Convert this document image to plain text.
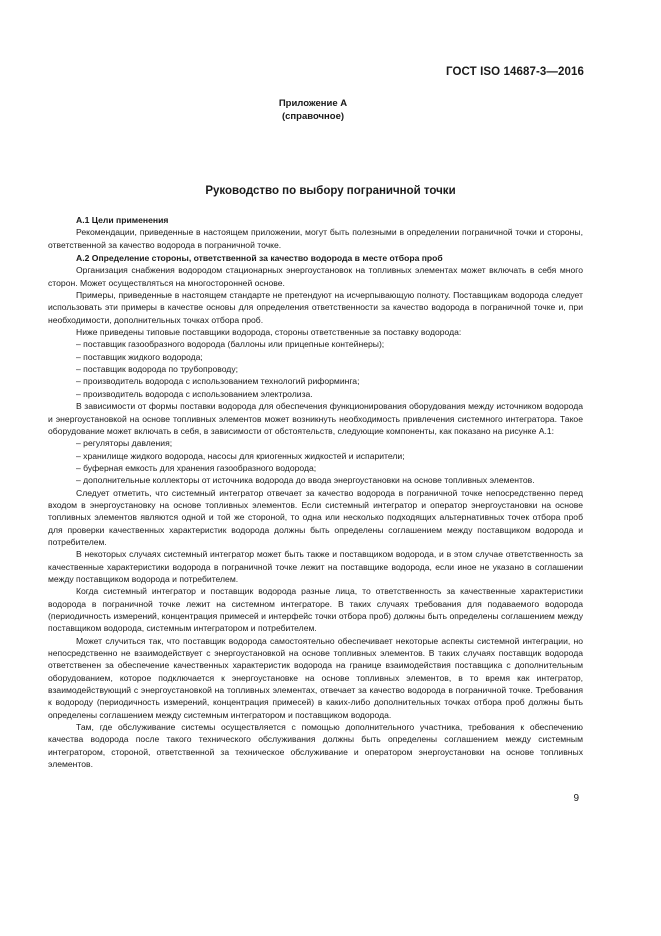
ГОСТ ISO 14687-3—2016
Приложение А
(справочное)
Руководство по выбору пограничной точки

А.1 Цели применения

Рекомендации, приведенные в настоящем приложении, могут быть полезными в определении пограничной точки и стороны, ответственной за качество водорода в пограничной точке.

А.2 Определение стороны, ответственной за качество водорода в месте отбора проб

Организация снабжения водородом стационарных энергоустановок на топливных элементах может включать в себя много сторон. Может осуществляться на многосторонней основе.

Примеры, приведенные в настоящем стандарте не претендуют на исчерпывающую полноту. Поставщикам водорода следует использовать эти примеры в качестве основы для определения ответственности за качество водорода в пограничной точке и, при необходимости, дополнительных точках отбора проб.

Ниже приведены типовые поставщики водорода, стороны ответственные за поставку водорода:

– поставщик газообразного водорода (баллоны или прицепные контейнеры);

– поставщик жидкого водорода;

– поставщик водорода по трубопроводу;

– производитель водорода с использованием технологий риформинга;

– производитель водорода с использованием электролиза.

В зависимости от формы поставки водорода для обеспечения функционирования оборудования между источником водорода и энергоустановкой на основе топливных элементов может возникнуть необходимость привлечения системного интегратора. Такое оборудование может включать в себя, в зависимости от обстоятельств, следующие компоненты, как показано на рисунке А.1:

– регуляторы давления;

– хранилище жидкого водорода, насосы для криогенных жидкостей и испарители;

– буферная емкость для хранения газообразного водорода;

– дополнительные коллекторы от источника водорода до ввода энергоустановки на основе топливных элементов.

Следует отметить, что системный интегратор отвечает за качество водорода в пограничной точке непосредственно перед входом в энергоустановку на основе топливных элементов. Если системный интегратор и оператор энергоустановки на основе топливных элементов являются одной и той же стороной, то одна или несколько подходящих альтернативных точек отбора проб для проверки качественных характеристик водорода должны быть определены соглашением между поставщиком водорода и потребителем.

В некоторых случаях системный интегратор может быть также и поставщиком водорода, и в этом случае ответственность за качественные характеристики водорода в пограничной точке лежит на поставщике водорода, если иное не указано в соглашении между поставщиком водорода и потребителем.

Когда системный интегратор и поставщик водорода разные лица, то ответственность за качественные характеристики водорода в пограничной точке лежит на системном интеграторе. В таких случаях требования для подаваемого водорода (периодичность измерений, концентрация примесей и интерфейс точки отбора проб) должны быть определены соглашением между поставщиком водорода, системным интегратором и потребителем.

Может случиться так, что поставщик водорода самостоятельно обеспечивает некоторые аспекты системной интеграции, но непосредственно не взаимодействует с энергоустановкой на основе топливных элементов. В таких случаях поставщик водорода ответственен за обеспечение качественных характеристик водорода на границе взаимодействия поставщика с дополнительным оборудованием, которое подключается к энергоустановке на основе топливных элементов, в то время как интегратор, взаимодействующий с энергоустановкой на топливных элементах, отвечает за качество водорода в пограничной точке. Требования к водороду (периодичность измерений, концентрация примесей) в каких-либо дополнительных точках отбора проб должны быть определены соглашением между системным интегратором и поставщиком водорода.

Там, где обслуживание системы осуществляется с помощью дополнительного участника, требования к обеспечению качества водорода после такого технического обслуживания должны быть определены соглашением между системным интегратором, стороной, ответственной за техническое обслуживание и оператором энергоустановки на основе топливных элементов.

9
